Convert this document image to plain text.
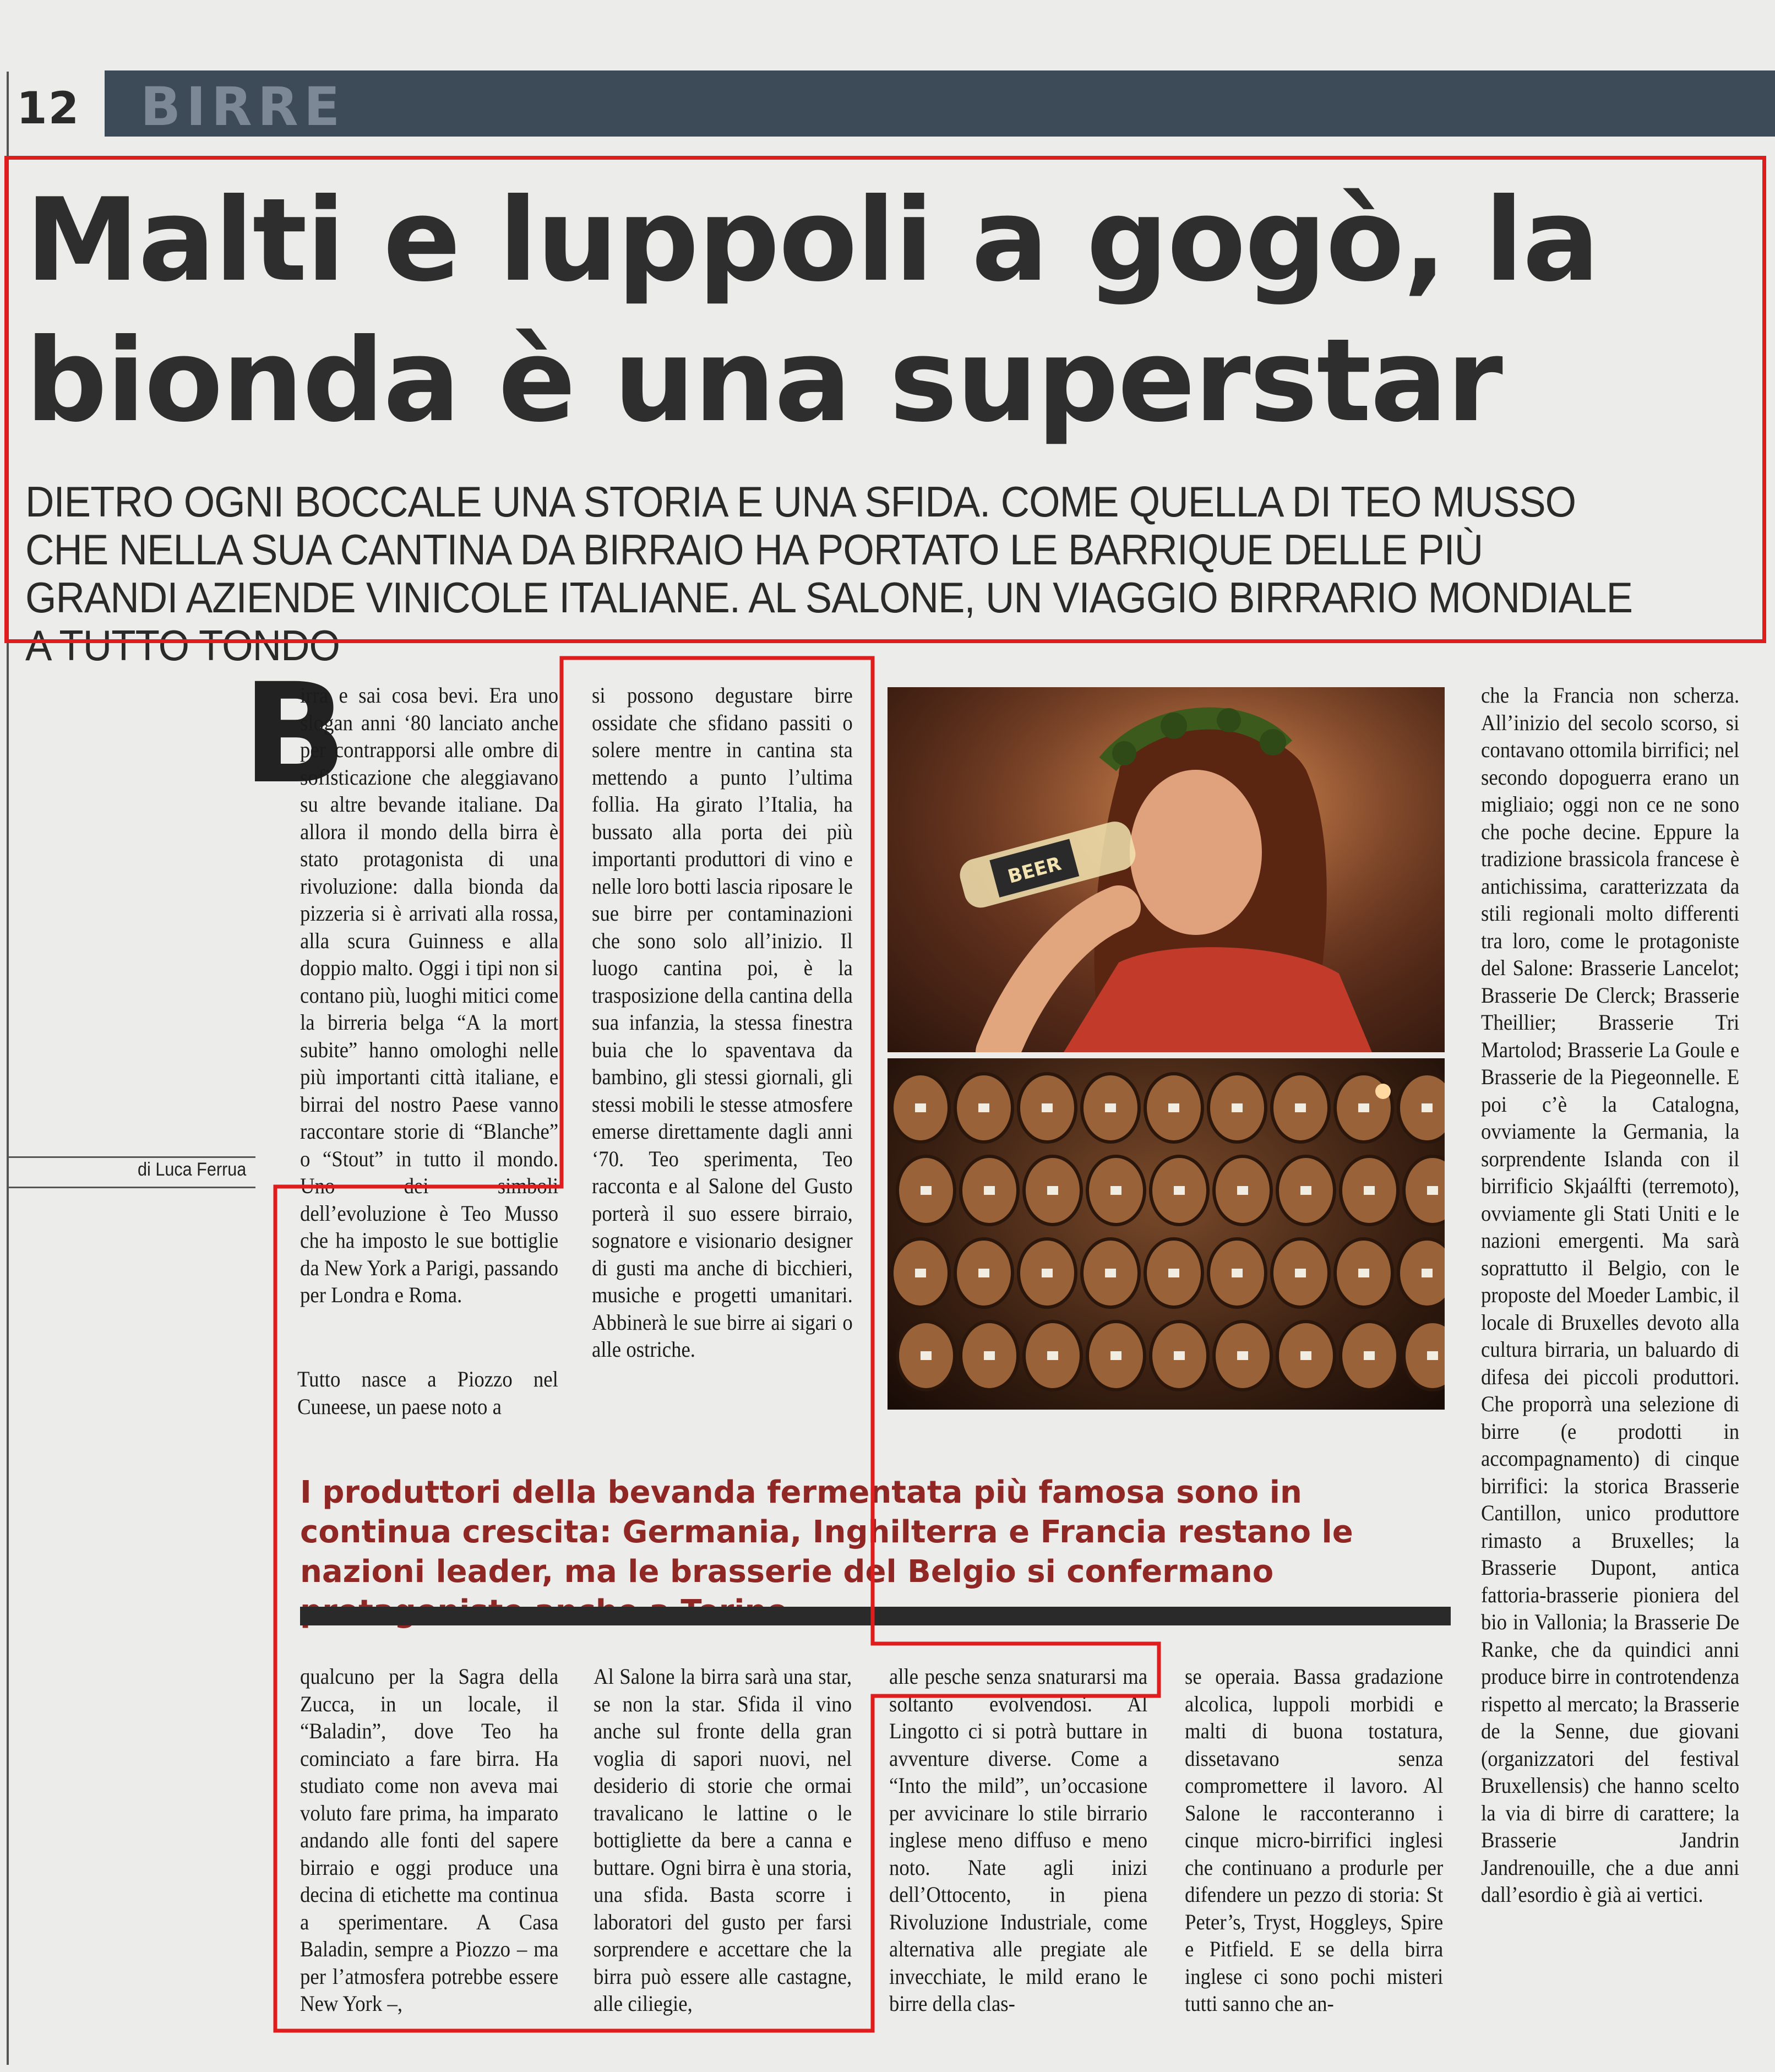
12 BIRRE
Malti e luppoli a gogò, la bionda è una superstar
DIETRO OGNI BOCCALE UNA STORIA E UNA SFIDA. COME QUELLA DI TEO MUSSO CHE NELLA SUA CANTINA DA BIRRAIO HA PORTATO LE BARRIQUE DELLE PIÙ GRANDI AZIENDE VINICOLE ITALIANE. AL SALONE, UN VIAGGIO BIRRARIO MONDIALE A TUTTO TONDO
di Luca Ferrua
B

irra e sai cosa bevi. Era uno slogan anni ‘80 lanciato anche per contrapporsi alle ombre di sofisticazione che aleggiavano su altre bevande italiane. Da allora il mondo della birra è stato protagonista di una rivoluzione: dalla bionda da pizzeria si è arrivati alla rossa, alla scura Guinness e alla doppio malto. Oggi i tipi non si contano più, luoghi mitici come la birreria belga “A la mort subite” hanno omologhi nelle più importanti città italiane, e birrai del nostro Paese vanno raccontare storie di “Blanche” o “Stout” in tutto il mondo. Uno dei simboli dell’evoluzione è Teo Musso che ha imposto le sue bottiglie da New York a Parigi, passando per Londra e Roma.

Tutto nasce a Piozzo nel Cuneese, un paese noto a

si possono degustare birre ossidate che sfidano passiti o solere mentre in cantina sta mettendo a punto l’ultima follia. Ha girato l’Italia, ha bussato alla porta dei più importanti produttori di vino e nelle loro botti lascia riposare le sue birre per contaminazioni che sono solo all’inizio. Il luogo cantina poi, è la trasposizione della cantina della sua infanzia, la stessa finestra buia che lo spaventava da bambino, gli stessi giornali, gli stessi mobili le stesse atmosfere emerse direttamente dagli anni ‘70. Teo sperimenta, Teo racconta e al Salone del Gusto porterà il suo essere birraio, sognatore e visionario designer di gusti ma anche di bicchieri, musiche e progetti umanitari. Abbinerà le sue birre ai sigari o alle ostriche.

BEER
I produttori della bevanda fermentata più famosa sono in continua crescita: Germania, Inghilterra e Francia restano le nazioni leader, ma le brasserie del Belgio si confermano

qualcuno per la Sagra della Zucca, in un locale, il “Baladin”, dove Teo ha cominciato a fare birra. Ha studiato come non aveva mai voluto fare prima, ha imparato andando alle fonti del sapere birraio e oggi produce una decina di etichette ma continua a sperimentare. A Casa Baladin, sempre a Piozzo – ma per l’atmosfera potrebbe essere New York –,

Al Salone la birra sarà una star, se non la star. Sfida il vino anche sul fronte della gran voglia di sapori nuovi, nel desiderio di storie che ormai travalicano le lattine o le bottigliette da bere a canna e buttare. Ogni birra è una storia, una sfida. Basta scorre i laboratori del gusto per farsi sorprendere e accettare che la birra può essere alle castagne, alle ciliegie,

alle pesche senza snaturarsi ma soltanto evolvendosi. Al Lingotto ci si potrà buttare in avventure diverse. Come a “Into the mild”, un’occasione per avvicinare lo stile birrario inglese meno diffuso e meno noto. Nate agli inizi dell’Ottocento, in piena Rivoluzione Industriale, come alternativa alle pregiate ale invecchiate, le mild erano le birre della clas-

se operaia. Bassa gradazione alcolica, luppoli morbidi e malti di buona tostatura, dissetavano senza compromettere il lavoro. Al Salone le racconteranno i cinque micro-birrifici inglesi che continuano a produrle per difendere un pezzo di storia: St Peter’s, Tryst, Hoggleys, Spire e Pitfield. E se della birra inglese ci sono pochi misteri tutti sanno che an-

che la Francia non scherza. All’inizio del secolo scorso, si contavano ottomila birrifici; nel secondo dopoguerra erano un migliaio; oggi non ce ne sono che poche decine. Eppure la tradizione brassicola francese è antichissima, caratterizzata da stili regionali molto differenti tra loro, come le protagoniste del Salone: Brasserie Lancelot; Brasserie De Clerck; Brasserie Theillier; Brasserie Tri Martolod; Brasserie La Goule e Brasserie de la Piegeonnelle. E poi c’è la Catalogna, ovviamente la Germania, la sorprendente Islanda con il birrificio Skjaálfti (terremoto), ovviamente gli Stati Uniti e le nazioni emergenti. Ma sarà soprattutto il Belgio, con le proposte del Moeder Lambic, il locale di Bruxelles devoto alla cultura birraria, un baluardo di difesa dei piccoli produttori. Che proporrà una selezione di birre (e prodotti in accompagnamento) di cinque birrifici: la storica Brasserie Cantillon, unico produttore rimasto a Bruxelles; la Brasserie Dupont, antica fattoria-brasserie pioniera del bio in Vallonia; la Brasserie De Ranke, che da quindici anni produce birre in controtendenza rispetto al mercato; la Brasserie de la Senne, due giovani (organizzatori del festival Bruxellensis) che hanno scelto la via di birre di carattere; la Brasserie Jandrin Jandrenouille, che a due anni dall’esordio è già ai vertici.
